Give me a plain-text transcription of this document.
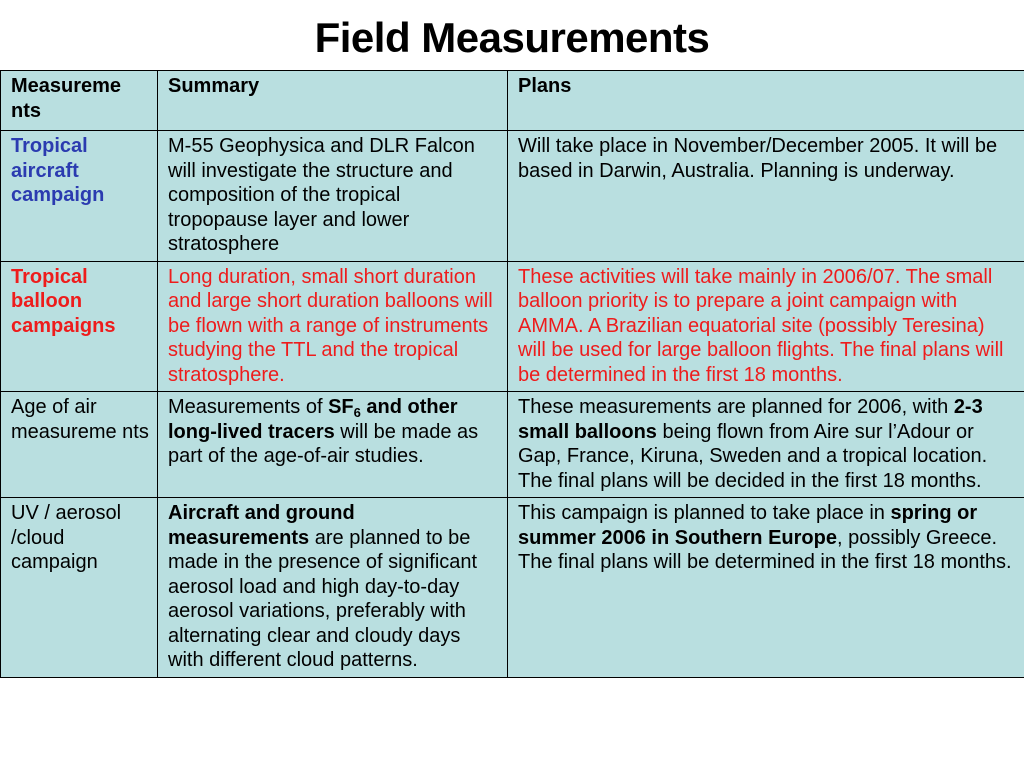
Field Measurements
Measureme nts	Summary	Plans
Tropical aircraft campaign	M-55 Geophysica and DLR Falcon will investigate the structure and composition of the tropical tropopause layer and lower stratosphere	Will take place in November/December 2005. It will be based in Darwin, Australia. Planning is underway.
Tropical balloon campaigns	Long duration, small short duration and large short duration balloons will be flown with a range of instruments studying the TTL and the tropical stratosphere.	These activities will take mainly in 2006/07. The small balloon priority is to prepare a joint campaign with AMMA. A Brazilian equatorial site (possibly Teresina) will be used for large balloon flights. The final plans will be determined in the first 18 months.
Age of air measureme nts	Measurements of $SF_6$ and other long-lived tracers will be made as part of the age-of-air studies.	These measurements are planned for 2006, with 2-3 small balloons being flown from Aire sur l’Adour or Gap, France, Kiruna, Sweden and a tropical location. The final plans will be decided in the first 18 months.
UV / aerosol /cloud campaign	Aircraft and ground measurements are planned to be made in the presence of significant aerosol load and high day-to-day aerosol variations, preferably with alternating clear and cloudy days with different cloud patterns.	This campaign is planned to take place in spring or summer 2006 in Southern Europe, possibly Greece. The final plans will be determined in the first 18 months.
